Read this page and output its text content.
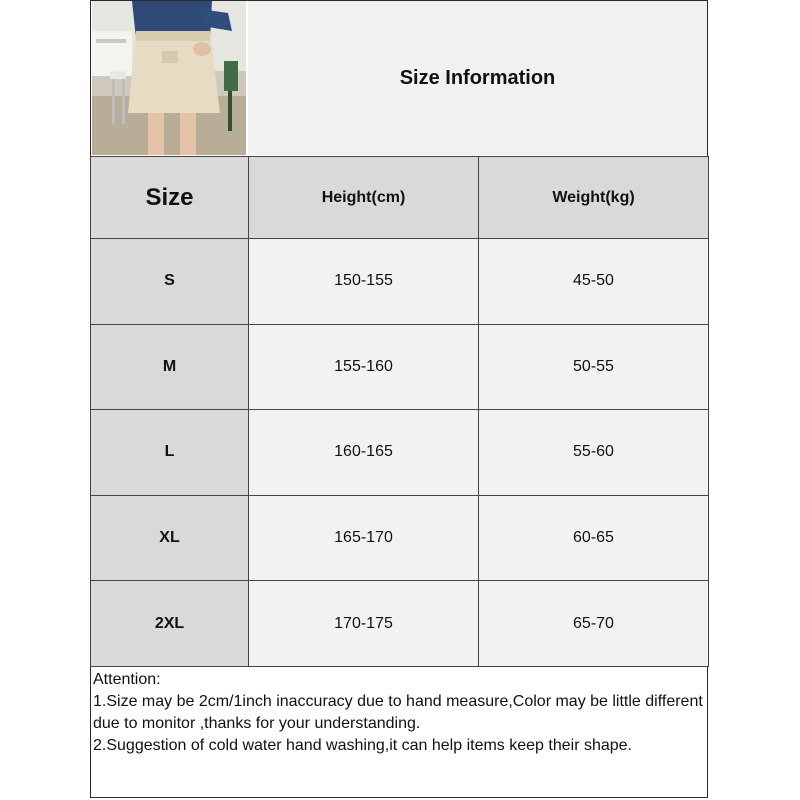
Size Information
Size	Height(cm)	Weight(kg)
S	150-155	45-50
M	155-160	50-55
L	160-165	55-60
XL	165-170	60-65
2XL	170-175	65-70

Attention:

1.Size may be 2cm/1inch inaccuracy due to hand measure,Color may be little different due to monitor ,thanks for your understanding.

2.Suggestion of cold water hand washing,it can help items keep their shape.
